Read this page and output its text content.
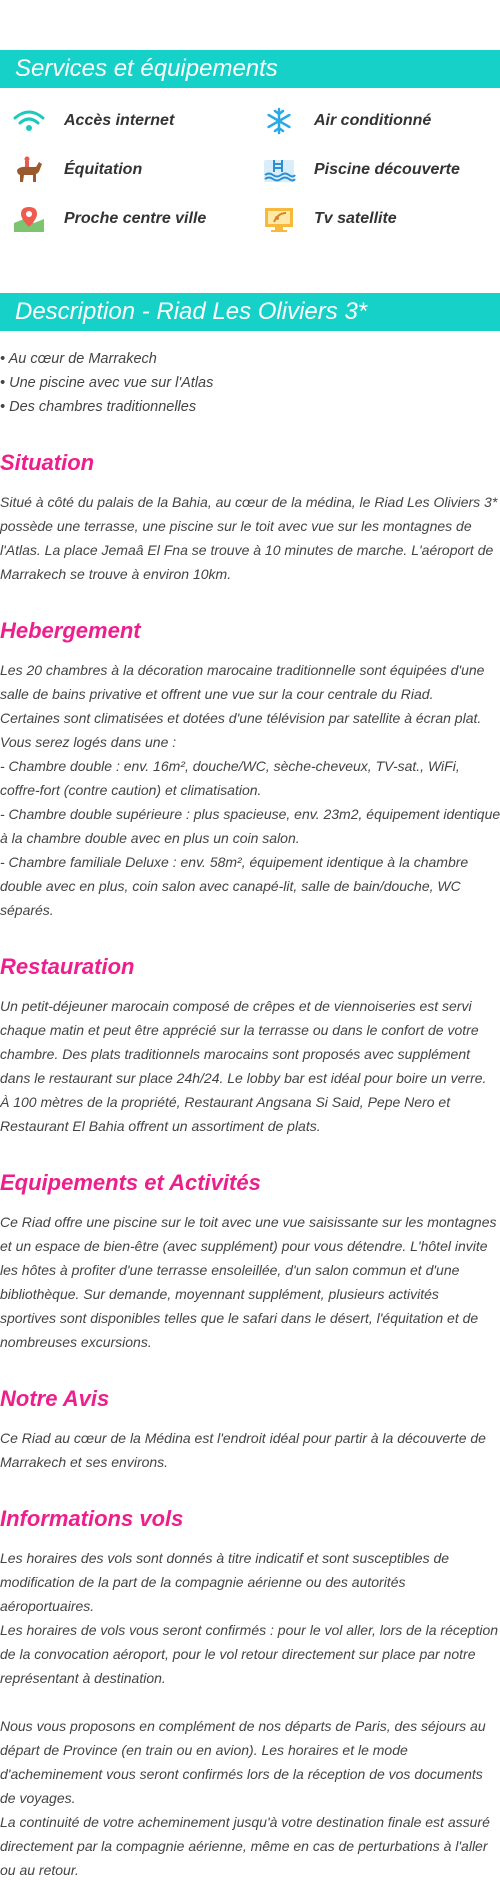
Services et équipements
Accès internet	Air conditionné
Équitation	Piscine découverte
Proche centre ville	Tv satellite
Description - Riad Les Oliviers 3*
• Au cœur de Marrakech
• Une piscine avec vue sur l'Atlas
• Des chambres traditionnelles
Situation
Situé à côté du palais de la Bahia, au cœur de la médina, le Riad Les Oliviers 3*
possède une terrasse, une piscine sur le toit avec vue sur les montagnes de
l'Atlas. La place Jemaâ El Fna se trouve à 10 minutes de marche. L'aéroport de
Marrakech se trouve à environ 10km.
Hebergement
Les 20 chambres à la décoration marocaine traditionnelle sont équipées d'une
salle de bains privative et offrent une vue sur la cour centrale du Riad.
Certaines sont climatisées et dotées d'une télévision par satellite à écran plat.
Vous serez logés dans une :
- Chambre double : env. 16m², douche/WC, sèche-cheveux, TV-sat., WiFi,
coffre-fort (contre caution) et climatisation.
- Chambre double supérieure : plus spacieuse, env. 23m2, équipement identique
à la chambre double avec en plus un coin salon.
- Chambre familiale Deluxe : env. 58m², équipement identique à la chambre
double avec en plus, coin salon avec canapé-lit, salle de bain/douche, WC
séparés.
Restauration
Un petit-déjeuner marocain composé de crêpes et de viennoiseries est servi
chaque matin et peut être apprécié sur la terrasse ou dans le confort de votre
chambre. Des plats traditionnels marocains sont proposés avec supplément
dans le restaurant sur place 24h/24. Le lobby bar est idéal pour boire un verre.
À 100 mètres de la propriété, Restaurant Angsana Si Said, Pepe Nero et
Restaurant El Bahia offrent un assortiment de plats.
Equipements et Activités
Ce Riad offre une piscine sur le toit avec une vue saisissante sur les montagnes
et un espace de bien-être (avec supplément) pour vous détendre. L'hôtel invite
les hôtes à profiter d'une terrasse ensoleillée, d'un salon commun et d'une
bibliothèque. Sur demande, moyennant supplément, plusieurs activités
sportives sont disponibles telles que le safari dans le désert, l'équitation et de
nombreuses excursions.
Notre Avis
Ce Riad au cœur de la Médina est l'endroit idéal pour partir à la découverte de
Marrakech et ses environs.
Informations vols
Les horaires des vols sont donnés à titre indicatif et sont susceptibles de
modification de la part de la compagnie aérienne ou des autorités
aéroportuaires.
Les horaires de vols vous seront confirmés : pour le vol aller, lors de la réception
de la convocation aéroport, pour le vol retour directement sur place par notre
représentant à destination.
Nous vous proposons en complément de nos départs de Paris, des séjours au
départ de Province (en train ou en avion). Les horaires et le mode
d'acheminement vous seront confirmés lors de la réception de vos documents
de voyages.
La continuité de votre acheminement jusqu'à votre destination finale est assuré
directement par la compagnie aérienne, même en cas de perturbations à l'aller
ou au retour.
